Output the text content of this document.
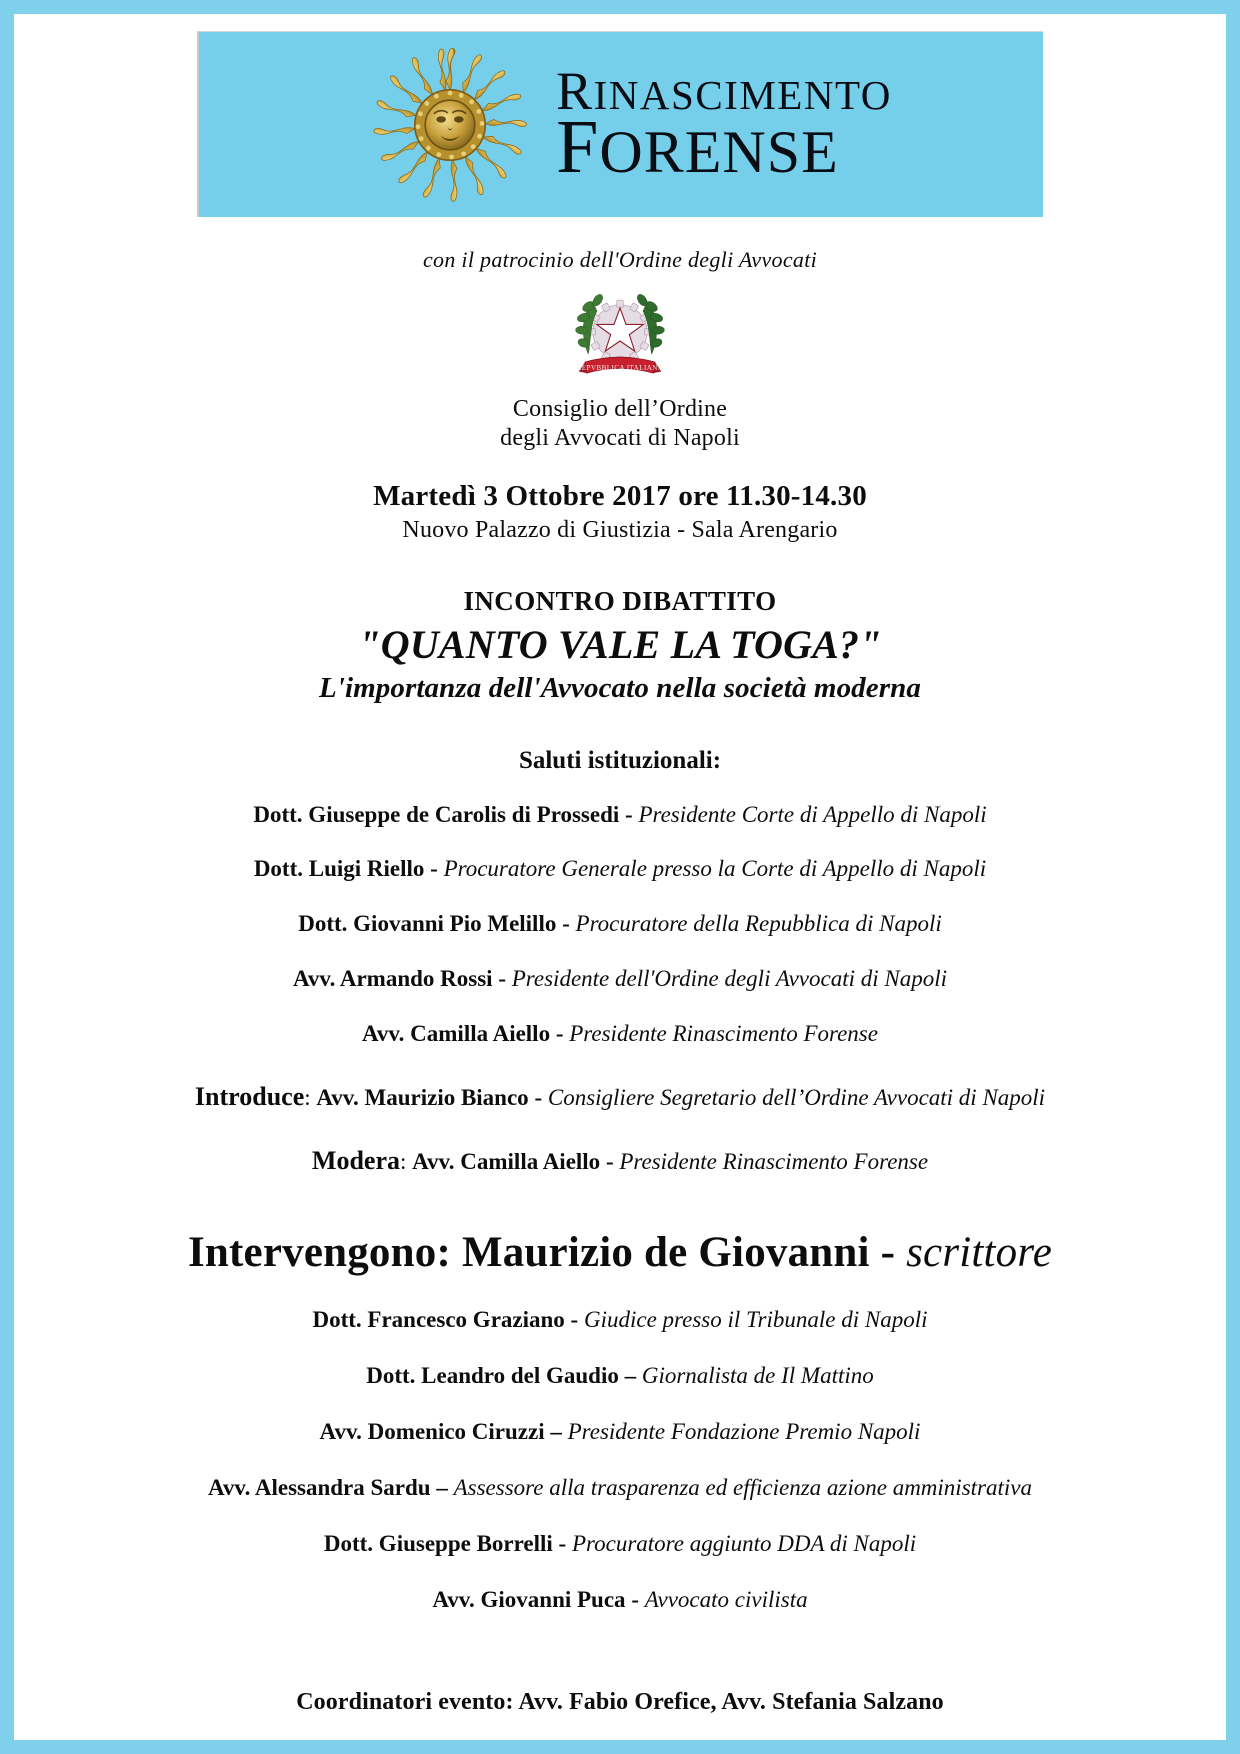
RINASCIMENTO
FORENSE
con il patrocinio dell'Ordine degli Avvocati
REPVBBLICA ITALIANA
Consiglio dell’Ordine
degli Avvocati di Napoli
Martedì 3 Ottobre 2017 ore 11.30-14.30
Nuovo Palazzo di Giustizia - Sala Arengario
INCONTRO DIBATTITO
"QUANTO VALE LA TOGA?"
L'importanza dell'Avvocato nella società moderna
Saluti istituzionali:
Dott. Giuseppe de Carolis di Prossedi - Presidente Corte di Appello di Napoli
Dott. Luigi Riello - Procuratore Generale presso la Corte di Appello di Napoli
Dott. Giovanni Pio Melillo - Procuratore della Repubblica di Napoli
Avv. Armando Rossi - Presidente dell'Ordine degli Avvocati di Napoli
Avv. Camilla Aiello - Presidente Rinascimento Forense
Introduce: Avv. Maurizio Bianco - Consigliere Segretario dell’Ordine Avvocati di Napoli
Modera: Avv. Camilla Aiello - Presidente Rinascimento Forense
Intervengono: Maurizio de Giovanni - scrittore
Dott. Francesco Graziano - Giudice presso il Tribunale di Napoli
Dott. Leandro del Gaudio – Giornalista de Il Mattino
Avv. Domenico Ciruzzi – Presidente Fondazione Premio Napoli
Avv. Alessandra Sardu – Assessore alla trasparenza ed efficienza azione amministrativa
Dott. Giuseppe Borrelli - Procuratore aggiunto DDA di Napoli
Avv. Giovanni Puca - Avvocato civilista
Coordinatori evento: Avv. Fabio Orefice, Avv. Stefania Salzano
